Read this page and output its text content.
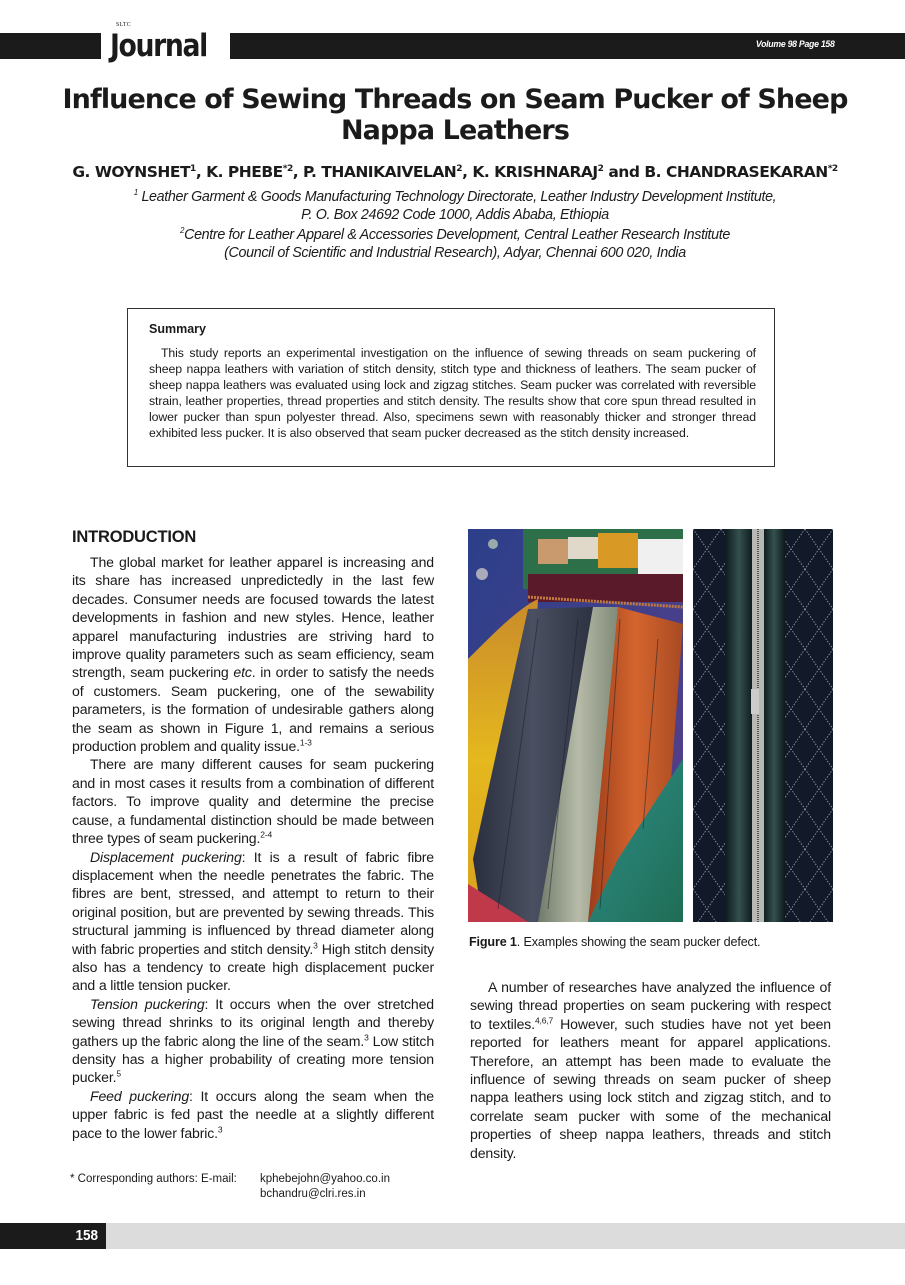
SLTC
Journal	Volume 98 Page 158
Influence of Sewing Threads on Seam Pucker of Sheep Nappa Leathers
G. WOYNSHET$^1$, K. PHEBE$^{*2}$, P. THANIKAIVELAN$^2$, K. KRISHNARAJ$^2$ and B. CHANDRASEKARAN$^{*2}$
$^1$ Leather Garment & Goods Manufacturing Technology Directorate, Leather Industry Development Institute,
P. O. Box 24692 Code 1000, Addis Ababa, Ethiopia
$^2$Centre for Leather Apparel & Accessories Development, Central Leather Research Institute
(Council of Scientific and Industrial Research), Adyar, Chennai 600 020, India
Summary

This study reports an experimental investigation on the influence of sewing threads on seam puckering of sheep nappa leathers with variation of stitch density, stitch type and thickness of leathers. The seam pucker of sheep nappa leathers was evaluated using lock and zigzag stitches. Seam pucker was correlated with reversible strain, leather properties, thread properties and stitch density. The results show that core spun thread resulted in lower pucker than spun polyester thread. Also, specimens sewn with reasonably thicker and stronger thread exhibited less pucker. It is also observed that seam pucker decreased as the stitch density increased.

INTRODUCTION

The global market for leather apparel is increasing and its share has increased unpredictedly in the last few decades. Consumer needs are focused towards the latest developments in fashion and new styles. Hence, leather apparel manufacturing industries are striving hard to improve quality parameters such as seam efficiency, seam strength, seam puckering etc. in order to satisfy the needs of customers. Seam puckering, one of the sewability parameters, is the formation of undesirable gathers along the seam as shown in Figure 1, and remains a serious production problem and quality issue.$^{1-3}$

There are many different causes for seam puckering and in most cases it results from a combination of different factors. To improve quality and determine the precise cause, a fundamental distinction should be made between three types of seam puckering.$^{2-4}$

Displacement puckering: It is a result of fabric fibre displacement when the needle penetrates the fabric. The fibres are bent, stressed, and attempt to return to their original position, but are prevented by sewing threads. This structural jamming is influenced by thread diameter along with fabric properties and stitch density.$^3$ High stitch density also has a tendency to create high displacement pucker and a little tension pucker.

Tension puckering: It occurs when the over stretched sewing thread shrinks to its original length and thereby gathers up the fabric along the line of the seam.$^3$ Low stitch density has a higher probability of creating more tension pucker.$^5$

Feed puckering: It occurs along the seam when the upper fabric is fed past the needle at a slightly different pace to the lower fabric.$^3$

Figure 1. Examples showing the seam pucker defect.

A number of researches have analyzed the influence of sewing thread properties on seam puckering with respect to textiles.$^{4,6,7}$ However, such studies have not yet been reported for leathers meant for apparel applications. Therefore, an attempt has been made to evaluate the influence of sewing threads on seam pucker of sheep nappa leathers using lock stitch and zigzag stitch, and to correlate seam pucker with some of the mechanical properties of sheep nappa leathers, threads and stitch density.

* Corresponding authors: E-mail: kphebejohn@yahoo.co.in
bchandru@clri.res.in
158
